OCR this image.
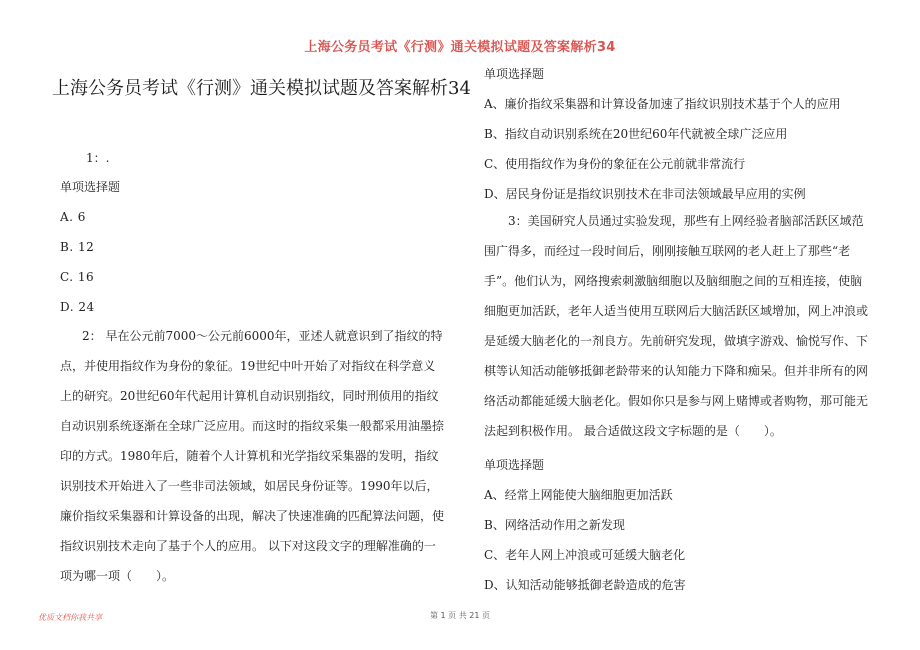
上海公务员考试《行测》通关模拟试题及答案解析34
上海公务员考试《行测》通关模拟试题及答案解析34
1：.
单项选择题
A. 6
B. 12
C. 16
D. 24
2： 早在公元前7000～公元前6000年，亚述人就意识到了指纹的特
点，并使用指纹作为身份的象征。19世纪中叶开始了对指纹在科学意义
上的研究。20世纪60年代起用计算机自动识别指纹，同时刑侦用的指纹
自动识别系统逐渐在全球广泛应用。而这时的指纹采集一般都采用油墨捺
印的方式。1980年后，随着个人计算机和光学指纹采集器的发明，指纹
识别技术开始进入了一些非司法领域，如居民身份证等。1990年以后，
廉价指纹采集器和计算设备的出现，解决了快速准确的匹配算法问题，使
指纹识别技术走向了基于个人的应用。 以下对这段文字的理解准确的一
项为哪一项（　　）。
单项选择题
A、廉价指纹采集器和计算设备加速了指纹识别技术基于个人的应用
B、指纹自动识别系统在20世纪60年代就被全球广泛应用
C、使用指纹作为身份的象征在公元前就非常流行
D、居民身份证是指纹识别技术在非司法领域最早应用的实例
3：美国研究人员通过实验发现，那些有上网经验者脑部活跃区域范
围广得多，而经过一段时间后，刚刚接触互联网的老人赶上了那些“老
手”。他们认为，网络搜索刺激脑细胞以及脑细胞之间的互相连接，使脑
细胞更加活跃，老年人适当使用互联网后大脑活跃区域增加，网上冲浪或
是延缓大脑老化的一剂良方。先前研究发现，做填字游戏、愉悦写作、下
棋等认知活动能够抵御老龄带来的认知能力下降和痴呆。但并非所有的网
络活动都能延缓大脑老化。假如你只是参与网上赌博或者购物，那可能无
法起到积极作用。 最合适做这段文字标题的是（　　）。
单项选择题
A、经常上网能使大脑细胞更加活跃
B、网络活动作用之新发现
C、老年人网上冲浪或可延缓大脑老化
D、认知活动能够抵御老龄造成的危害
优质文档你我共享	第 1 页 共 21 页
